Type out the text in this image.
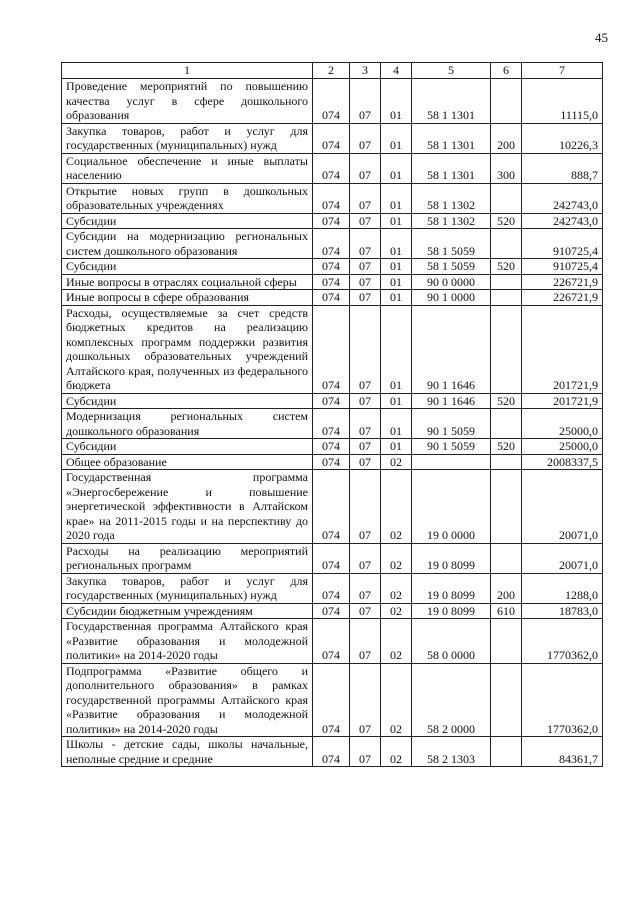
45
1	2	3	4	5	6	7
Проведение мероприятий по повышению качества услуг в сфере дошкольного образования	074	07	01	58 1 1301		11115,0
Закупка товаров, работ и услуг для государственных (муниципальных) нужд	074	07	01	58 1 1301	200	10226,3
Социальное обеспечение и иные выплаты населению	074	07	01	58 1 1301	300	888,7
Открытие новых групп в дошкольных образовательных учреждениях	074	07	01	58 1 1302		242743,0
Субсидии	074	07	01	58 1 1302	520	242743,0
Субсидии на модернизацию региональных систем дошкольного образования	074	07	01	58 1 5059		910725,4
Субсидии	074	07	01	58 1 5059	520	910725,4
Иные вопросы в отраслях социальной сферы	074	07	01	90 0 0000		226721,9
Иные вопросы в сфере образования	074	07	01	90 1 0000		226721,9
Расходы, осуществляемые за счет средств бюджетных кредитов на реализацию комплексных программ поддержки развития дошкольных образовательных учреждений Алтайского края, полученных из федерального бюджета	074	07	01	90 1 1646		201721,9
Субсидии	074	07	01	90 1 1646	520	201721,9
Модернизация региональных систем дошкольного образования	074	07	01	90 1 5059		25000,0
Субсидии	074	07	01	90 1 5059	520	25000,0
Общее образование	074	07	02			2008337,5
Государственная программа «Энергосбережение и повышение энергетической эффективности в Алтайском крае» на 2011-2015 годы и на перспективу до 2020 года	074	07	02	19 0 0000		20071,0
Расходы на реализацию мероприятий региональных программ	074	07	02	19 0 8099		20071,0
Закупка товаров, работ и услуг для государственных (муниципальных) нужд	074	07	02	19 0 8099	200	1288,0
Субсидии бюджетным учреждениям	074	07	02	19 0 8099	610	18783,0
Государственная программа Алтайского края «Развитие образования и молодежной политики» на 2014-2020 годы	074	07	02	58 0 0000		1770362,0
Подпрограмма «Развитие общего и дополнительного образования» в рамках государственной программы Алтайского края «Развитие образования и молодежной политики» на 2014-2020 годы	074	07	02	58 2 0000		1770362,0
Школы - детские сады, школы начальные, неполные средние и средние	074	07	02	58 2 1303		84361,7
